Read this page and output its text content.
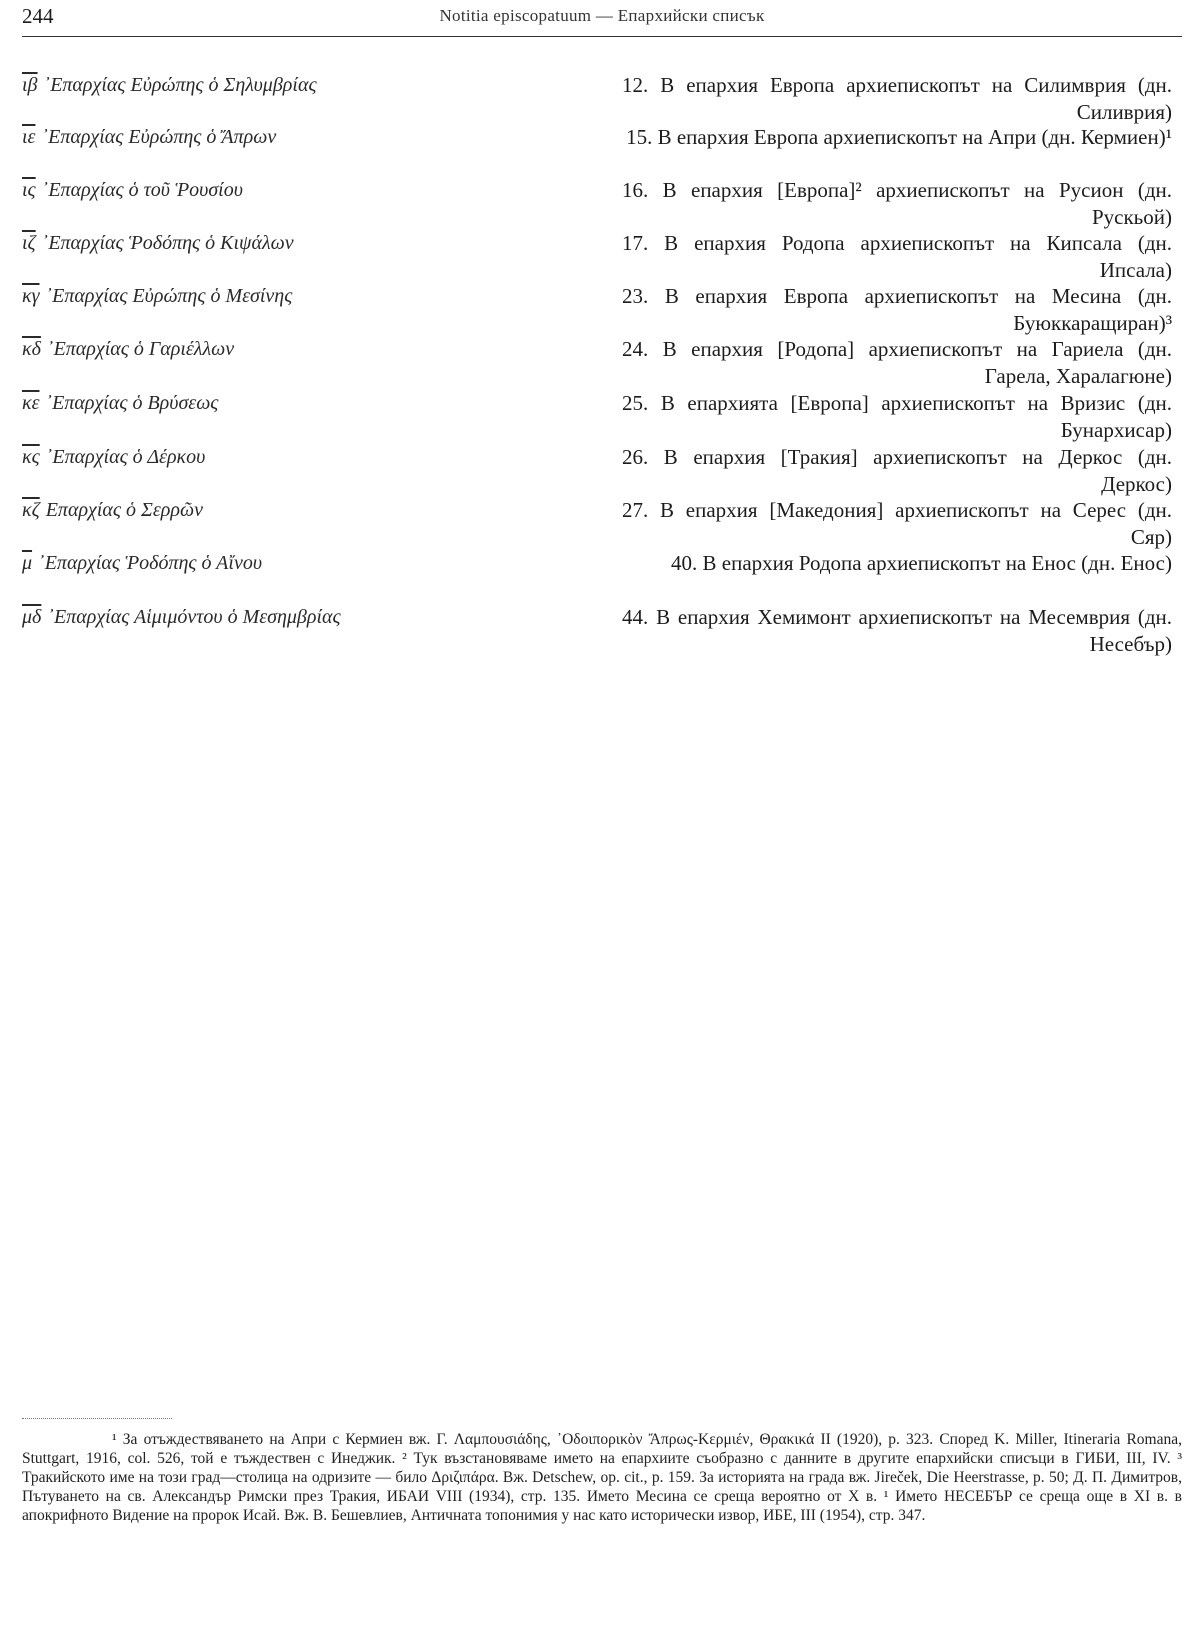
244	Notitia episcopatuum — Епархийски списък
$\overline{\iota\beta}$ ᾿Επαρχίας Εὐρώπης ὁ Σηλυμβρίας	12. В епархия Европа архиепископът на Силимврия (дн. Силиврия)
$\overline{\iota\varepsilon}$ ᾿Επαρχίας Εὐρώπης ὁ Ἄπρων	15. В епархия Европа архиепископът на Апри (дн. Кермиен)¹
$\overline{\iota\varsigma}$ ᾿Επαρχίας ὁ τοῦ Ῥουσίου	16. В епархия [Европа]² архиепископът на Русион (дн. Рускьой)
$\overline{\iota\zeta}$ ᾿Επαρχίας Ῥοδόπης ὁ Κιψάλων	17. В епархия Родопа архиепископът на Кипсала (дн. Ипсала)
$\overline{\kappa\gamma}$ ᾿Επαρχίας Εὐρώπης ὁ Μεσίνης	23. В епархия Европа архиепископът на Месина (дн. Буюккаращиран)³
$\overline{\kappa\delta}$ ᾿Επαρχίας ὁ Γαριέλλων	24. В епархия [Родопа] архиепископът на Гариела (дн. Гарела, Харалагюне)
$\overline{\kappa\varepsilon}$ ᾿Επαρχίας ὁ Βρύσεως	25. В епархията [Европа] архиепископът на Вризис (дн. Бунархисар)
$\overline{\kappa\varsigma}$ ᾿Επαρχίας ὁ Δέρκου	26. В епархия [Тракия] архиепископът на Деркос (дн. Деркос)
$\overline{\kappa\zeta}$ Επαρχίας ὁ Σερρῶν	27. В епархия [Македония] архиепископът на Серес (дн. Сяр)
$\overline{\mu}$ ᾿Επαρχίας Ῥοδόπης ὁ Αἴνου	40. В епархия Родопа архиепископът на Енос (дн. Енос)
$\overline{\mu\delta}$ ᾿Επαρχίας Αἱμιμόντου ὁ Μεσημβρίας	44. В епархия Хемимонт архиепископът на Месемврия (дн. Несебър)
¹ За отъждествяването на Апри с Кермиен вж. Г. Λαμπουσιάδης, ᾿Οδοιπορικὸν Ἄπρως-Κερμιέν, Θρακικά II (1920), p. 323. Според K. Miller, Itineraria Romana, Stuttgart, 1916, col. 526, той е тъждествен с Инеджик. ² Тук възстановяваме името на епархиите съобразно с данните в другите епархийски списъци в ГИБИ, III, IV. ³ Тракийското име на този град—столица на одризите — било Δριζιπάρα. Вж. Detschew, op. cit., p. 159. За историята на града вж. Jireček, Die Heerstrasse, p. 50; Д. П. Димитров, Пътуването на св. Александър Римски през Тракия, ИБАИ VIII (1934), стр. 135. Името Месина се среща вероятно от X в. ¹ Името НЕСЕБЪР се среща още в XI в. в апокрифното Видение на пророк Исай. Вж. В. Бешевлиев, Античната топонимия у нас като исторически извор, ИБЕ, III (1954), стр. 347.
